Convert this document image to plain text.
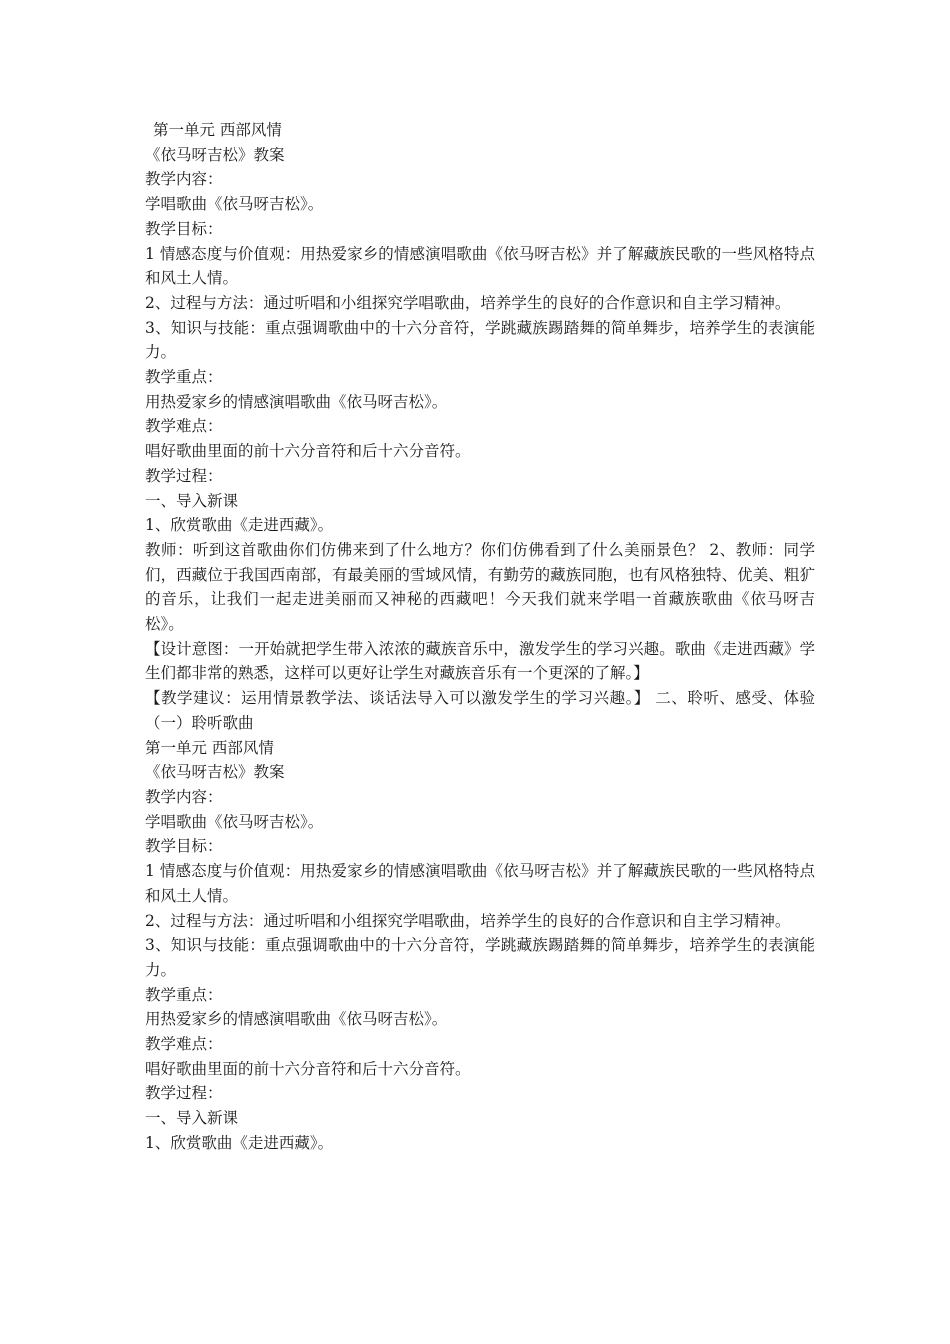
第一单元 西部风情

《依马呀吉松》教案

教学内容：

学唱歌曲《依马呀吉松》。

教学目标：

1 情感态度与价值观：用热爱家乡的情感演唱歌曲《依马呀吉松》并了解藏族民歌的一些风格特点和风土人情。

2、过程与方法：通过听唱和小组探究学唱歌曲，培养学生的良好的合作意识和自主学习精神。

3、知识与技能：重点强调歌曲中的十六分音符，学跳藏族踢踏舞的简单舞步，培养学生的表演能力。

教学重点：

用热爱家乡的情感演唱歌曲《依马呀吉松》。

教学难点：

唱好歌曲里面的前十六分音符和后十六分音符。

教学过程：

一、导入新课

1、欣赏歌曲《走进西藏》。

教师：听到这首歌曲你们仿佛来到了什么地方？你们仿佛看到了什么美丽景色？ 2、教师：同学们，西藏位于我国西南部，有最美丽的雪域风情，有勤劳的藏族同胞，也有风格独特、优美、粗犷的音乐，让我们一起走进美丽而又神秘的西藏吧！今天我们就来学唱一首藏族歌曲《依马呀吉松》。

【设计意图：一开始就把学生带入浓浓的藏族音乐中，激发学生的学习兴趣。歌曲《走进西藏》学生们都非常的熟悉，这样可以更好让学生对藏族音乐有一个更深的了解。】

【教学建议：运用情景教学法、谈话法导入可以激发学生的学习兴趣。】 二、聆听、感受、体验 （一）聆听歌曲

第一单元 西部风情

《依马呀吉松》教案

教学内容：

学唱歌曲《依马呀吉松》。

教学目标：

1 情感态度与价值观：用热爱家乡的情感演唱歌曲《依马呀吉松》并了解藏族民歌的一些风格特点和风土人情。

2、过程与方法：通过听唱和小组探究学唱歌曲，培养学生的良好的合作意识和自主学习精神。

3、知识与技能：重点强调歌曲中的十六分音符，学跳藏族踢踏舞的简单舞步，培养学生的表演能力。

教学重点：

用热爱家乡的情感演唱歌曲《依马呀吉松》。

教学难点：

唱好歌曲里面的前十六分音符和后十六分音符。

教学过程：

一、导入新课

1、欣赏歌曲《走进西藏》。
